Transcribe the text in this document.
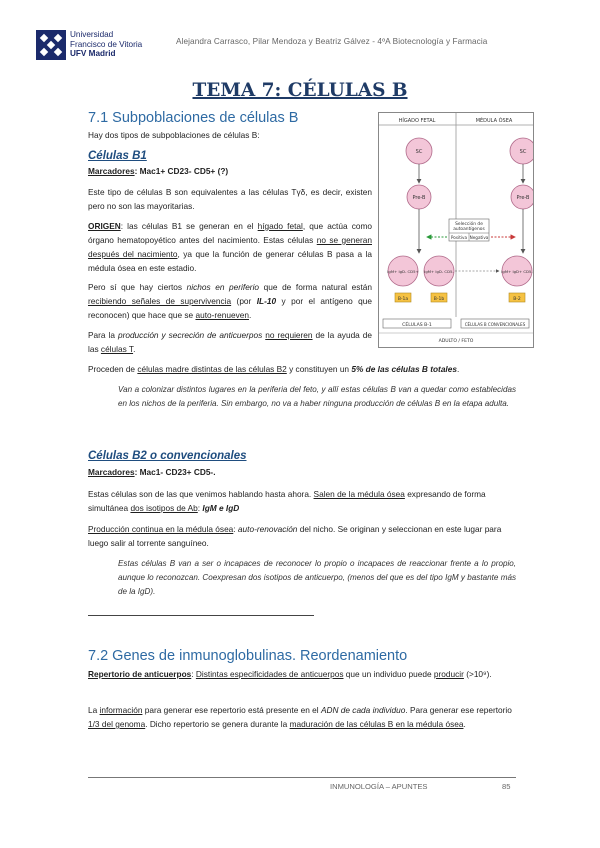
Universidad
Francisco de Vitoria
UFV Madrid
Alejandra Carrasco, Pilar Mendoza y Beatriz Gálvez - 4ºA Biotecnología y Farmacia
TEMA 7: CÉLULAS B
7.1 Subpoblaciones de células B

Hay dos tipos de subpoblaciones de células B:

Células B1

Marcadores: Mac1+ CD23- CD5+ (?)

Este tipo de células B son equivalentes a las células Tγδ, es decir, existen pero no son las mayoritarias.

ORIGEN: las células B1 se generan en el hígado fetal, que actúa como órgano hematopoyético antes del nacimiento. Estas células no se generan después del nacimiento, ya que la función de generar células B pasa a la médula ósea en este estadio.

Pero sí que hay ciertos nichos en periferio que de forma natural están recibiendo señales de supervivencia (por IL-10 y por el antígeno que reconocen) que hace que se auto-renueven.

Para la producción y secreción de anticuerpos no requieren de la ayuda de las células T.

Proceden de células madre distintas de las células B2 y constituyen un 5% de las células B totales.

Van a colonizar distintos lugares en la periferia del feto, y allí estas células B van a quedar como establecidas en los nichos de la periferia. Sin embargo, no va a haber ninguna producción de células B en la etapa adulta.

Células B2 o convencionales

Marcadores: Mac1- CD23+ CD5-.

Estas células son de las que venimos hablando hasta ahora. Salen de la médula ósea expresando de forma simultánea dos isotipos de Ab: IgM e IgD

Producción continua en la médula ósea: auto-renovación del nicho. Se originan y seleccionan en este lugar para luego salir al torrente sanguíneo.

Estas células B van a ser o incapaces de reconocer lo propio o incapaces de reaccionar frente a lo propio, aunque lo reconozcan. Coexpresan dos isotipos de anticuerpo, (menos del que es del tipo IgM y bastante más de la IgD).

7.2 Genes de inmunoglobulinas. Reordenamiento

Repertorio de anticuerpos: Distintas especificidades de anticuerpos que un individuo puede producir (>10⁹).

La información para generar ese repertorio está presente en el ADN de cada individuo. Para generar ese repertorio 1/3 del genoma. Dicho repertorio se genera durante la maduración de las células B en la médula ósea.

HÍGADO FETAL	MÉDULA ÓSEA
SC	SC
Pre-B	Pre-B
Selección de
autoantígenos
Positiva Negativa
IgM+ IgD- CD5+ IgM+ IgD- CD5-	IgM+ IgD+ CD5-
B-1a	B-1b	B-2
CÉLULAS B-1	CÉLULAS B CONVENCIONALES
ADULTO / FETO
INMUNOLOGÍA – APUNTES	85
